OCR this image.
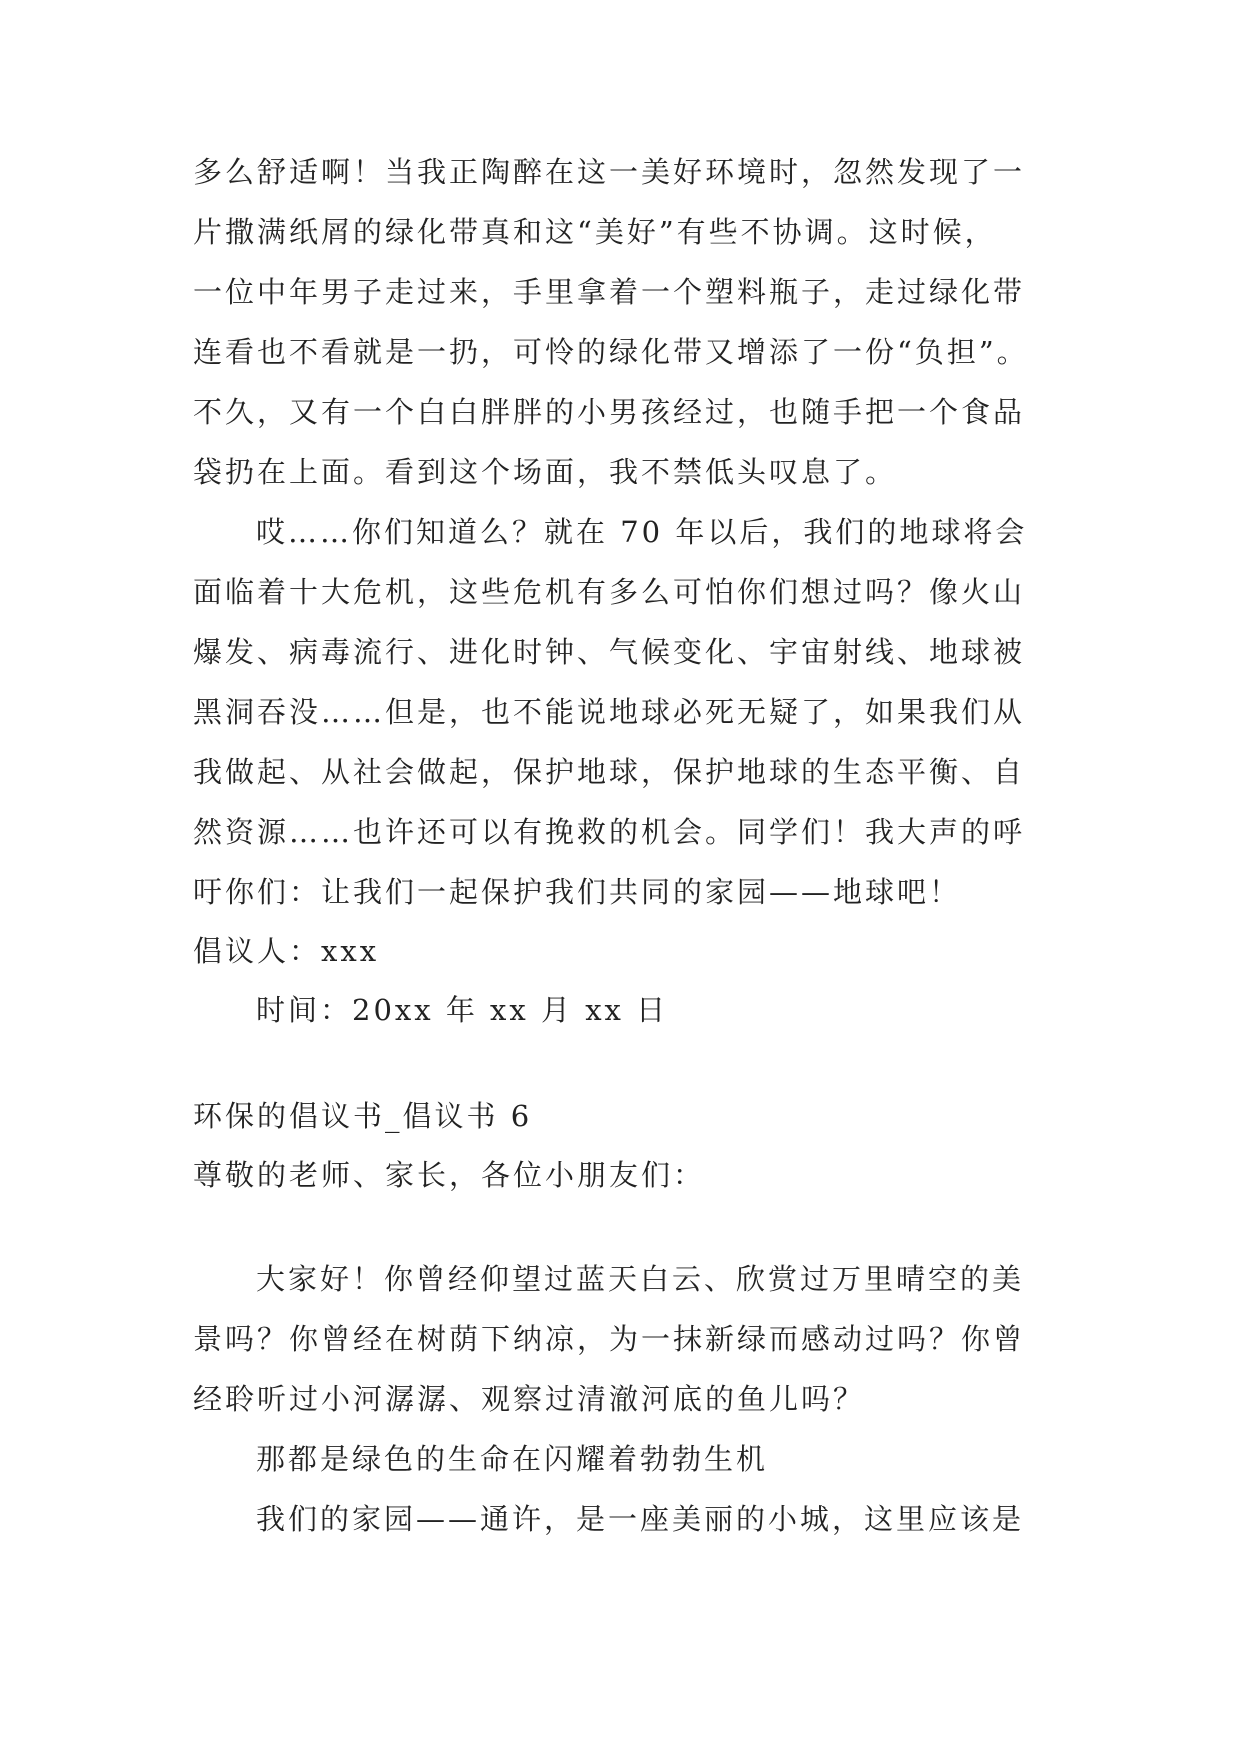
多么舒适啊！当我正陶醉在这一美好环境时，忽然发现了一
片撒满纸屑的绿化带真和这“美好”有些不协调。这时候，
一位中年男子走过来，手里拿着一个塑料瓶子，走过绿化带
连看也不看就是一扔，可怜的绿化带又增添了一份“负担”。
不久，又有一个白白胖胖的小男孩经过，也随手把一个食品
袋扔在上面。看到这个场面，我不禁低头叹息了。
哎……你们知道么？就在 70 年以后，我们的地球将会
面临着十大危机，这些危机有多么可怕你们想过吗？像火山
爆发、病毒流行、进化时钟、气候变化、宇宙射线、地球被
黑洞吞没……但是，也不能说地球必死无疑了，如果我们从
我做起、从社会做起，保护地球，保护地球的生态平衡、自
然资源……也许还可以有挽救的机会。同学们！我大声的呼
吁你们：让我们一起保护我们共同的家园——地球吧！
倡议人：xxx
时间：20xx 年 xx 月 xx 日
环保的倡议书_倡议书 6
尊敬的老师、家长，各位小朋友们：
大家好！你曾经仰望过蓝天白云、欣赏过万里晴空的美
景吗？你曾经在树荫下纳凉，为一抹新绿而感动过吗？你曾
经聆听过小河潺潺、观察过清澈河底的鱼儿吗？
那都是绿色的生命在闪耀着勃勃生机
我们的家园——通许，是一座美丽的小城，这里应该是
